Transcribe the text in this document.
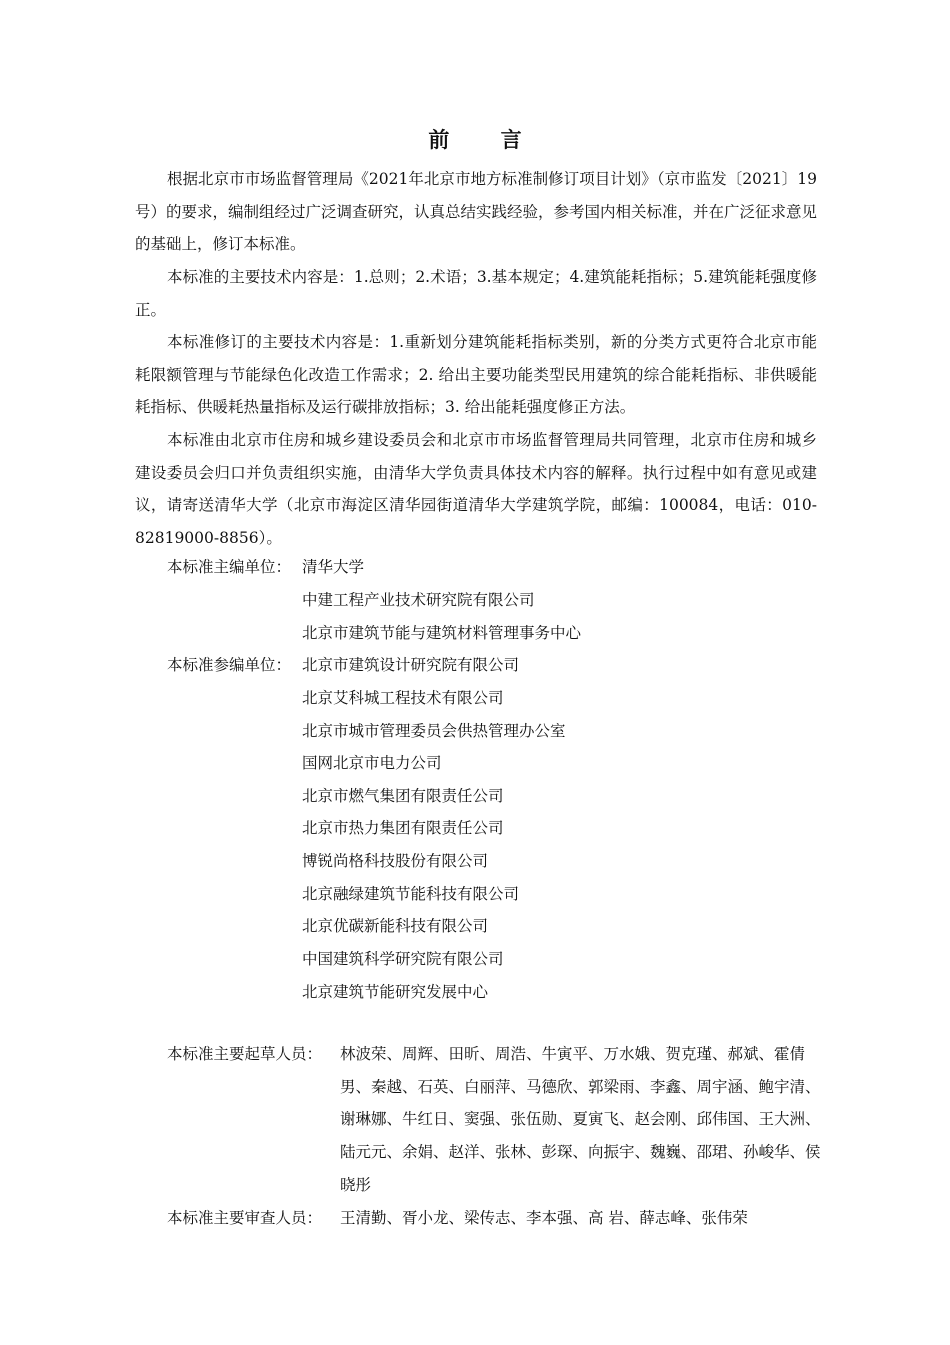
前 言

根据北京市市场监督管理局《2021年北京市地方标准制修订项目计划》（京市监发〔2021〕19号）的要求，编制组经过广泛调查研究，认真总结实践经验，参考国内相关标准，并在广泛征求意见的基础上，修订本标准。

本标准的主要技术内容是：1.总则；2.术语；3.基本规定；4.建筑能耗指标；5.建筑能耗强度修正。

本标准修订的主要技术内容是：1.重新划分建筑能耗指标类别，新的分类方式更符合北京市能耗限额管理与节能绿色化改造工作需求；2. 给出主要功能类型民用建筑的综合能耗指标、非供暖能耗指标、供暖耗热量指标及运行碳排放指标；3. 给出能耗强度修正方法。

本标准由北京市住房和城乡建设委员会和北京市市场监督管理局共同管理，北京市住房和城乡建设委员会归口并负责组织实施，由清华大学负责具体技术内容的解释。执行过程中如有意见或建议，请寄送清华大学（北京市海淀区清华园街道清华大学建筑学院，邮编：100084，电话：010-82819000-8856）。

本标准主编单位： 清华大学
中建工程产业技术研究院有限公司
北京市建筑节能与建筑材料管理事务中心
本标准参编单位： 北京市建筑设计研究院有限公司
北京艾科城工程技术有限公司
北京市城市管理委员会供热管理办公室
国网北京市电力公司
北京市燃气集团有限责任公司
北京市热力集团有限责任公司
博锐尚格科技股份有限公司
北京融绿建筑节能科技有限公司
北京优碳新能科技有限公司
中国建筑科学研究院有限公司
北京建筑节能研究发展中心
本标准主要起草人员： 林波荣、周辉、田昕、周浩、牛寅平、万水娥、贺克瑾、郝斌、霍倩男、秦越、石英、白丽萍、马德欣、郭梁雨、李鑫、周宇涵、鲍宇清、谢琳娜、牛红日、窦强、张伍勋、夏寅飞、赵会刚、邱伟国、王大洲、陆元元、余娟、赵洋、张林、彭琛、向振宇、魏巍、邵珺、孙峻华、侯晓彤
本标准主要审查人员： 王清勤、胥小龙、梁传志、李本强、高 岩、薛志峰、张伟荣
